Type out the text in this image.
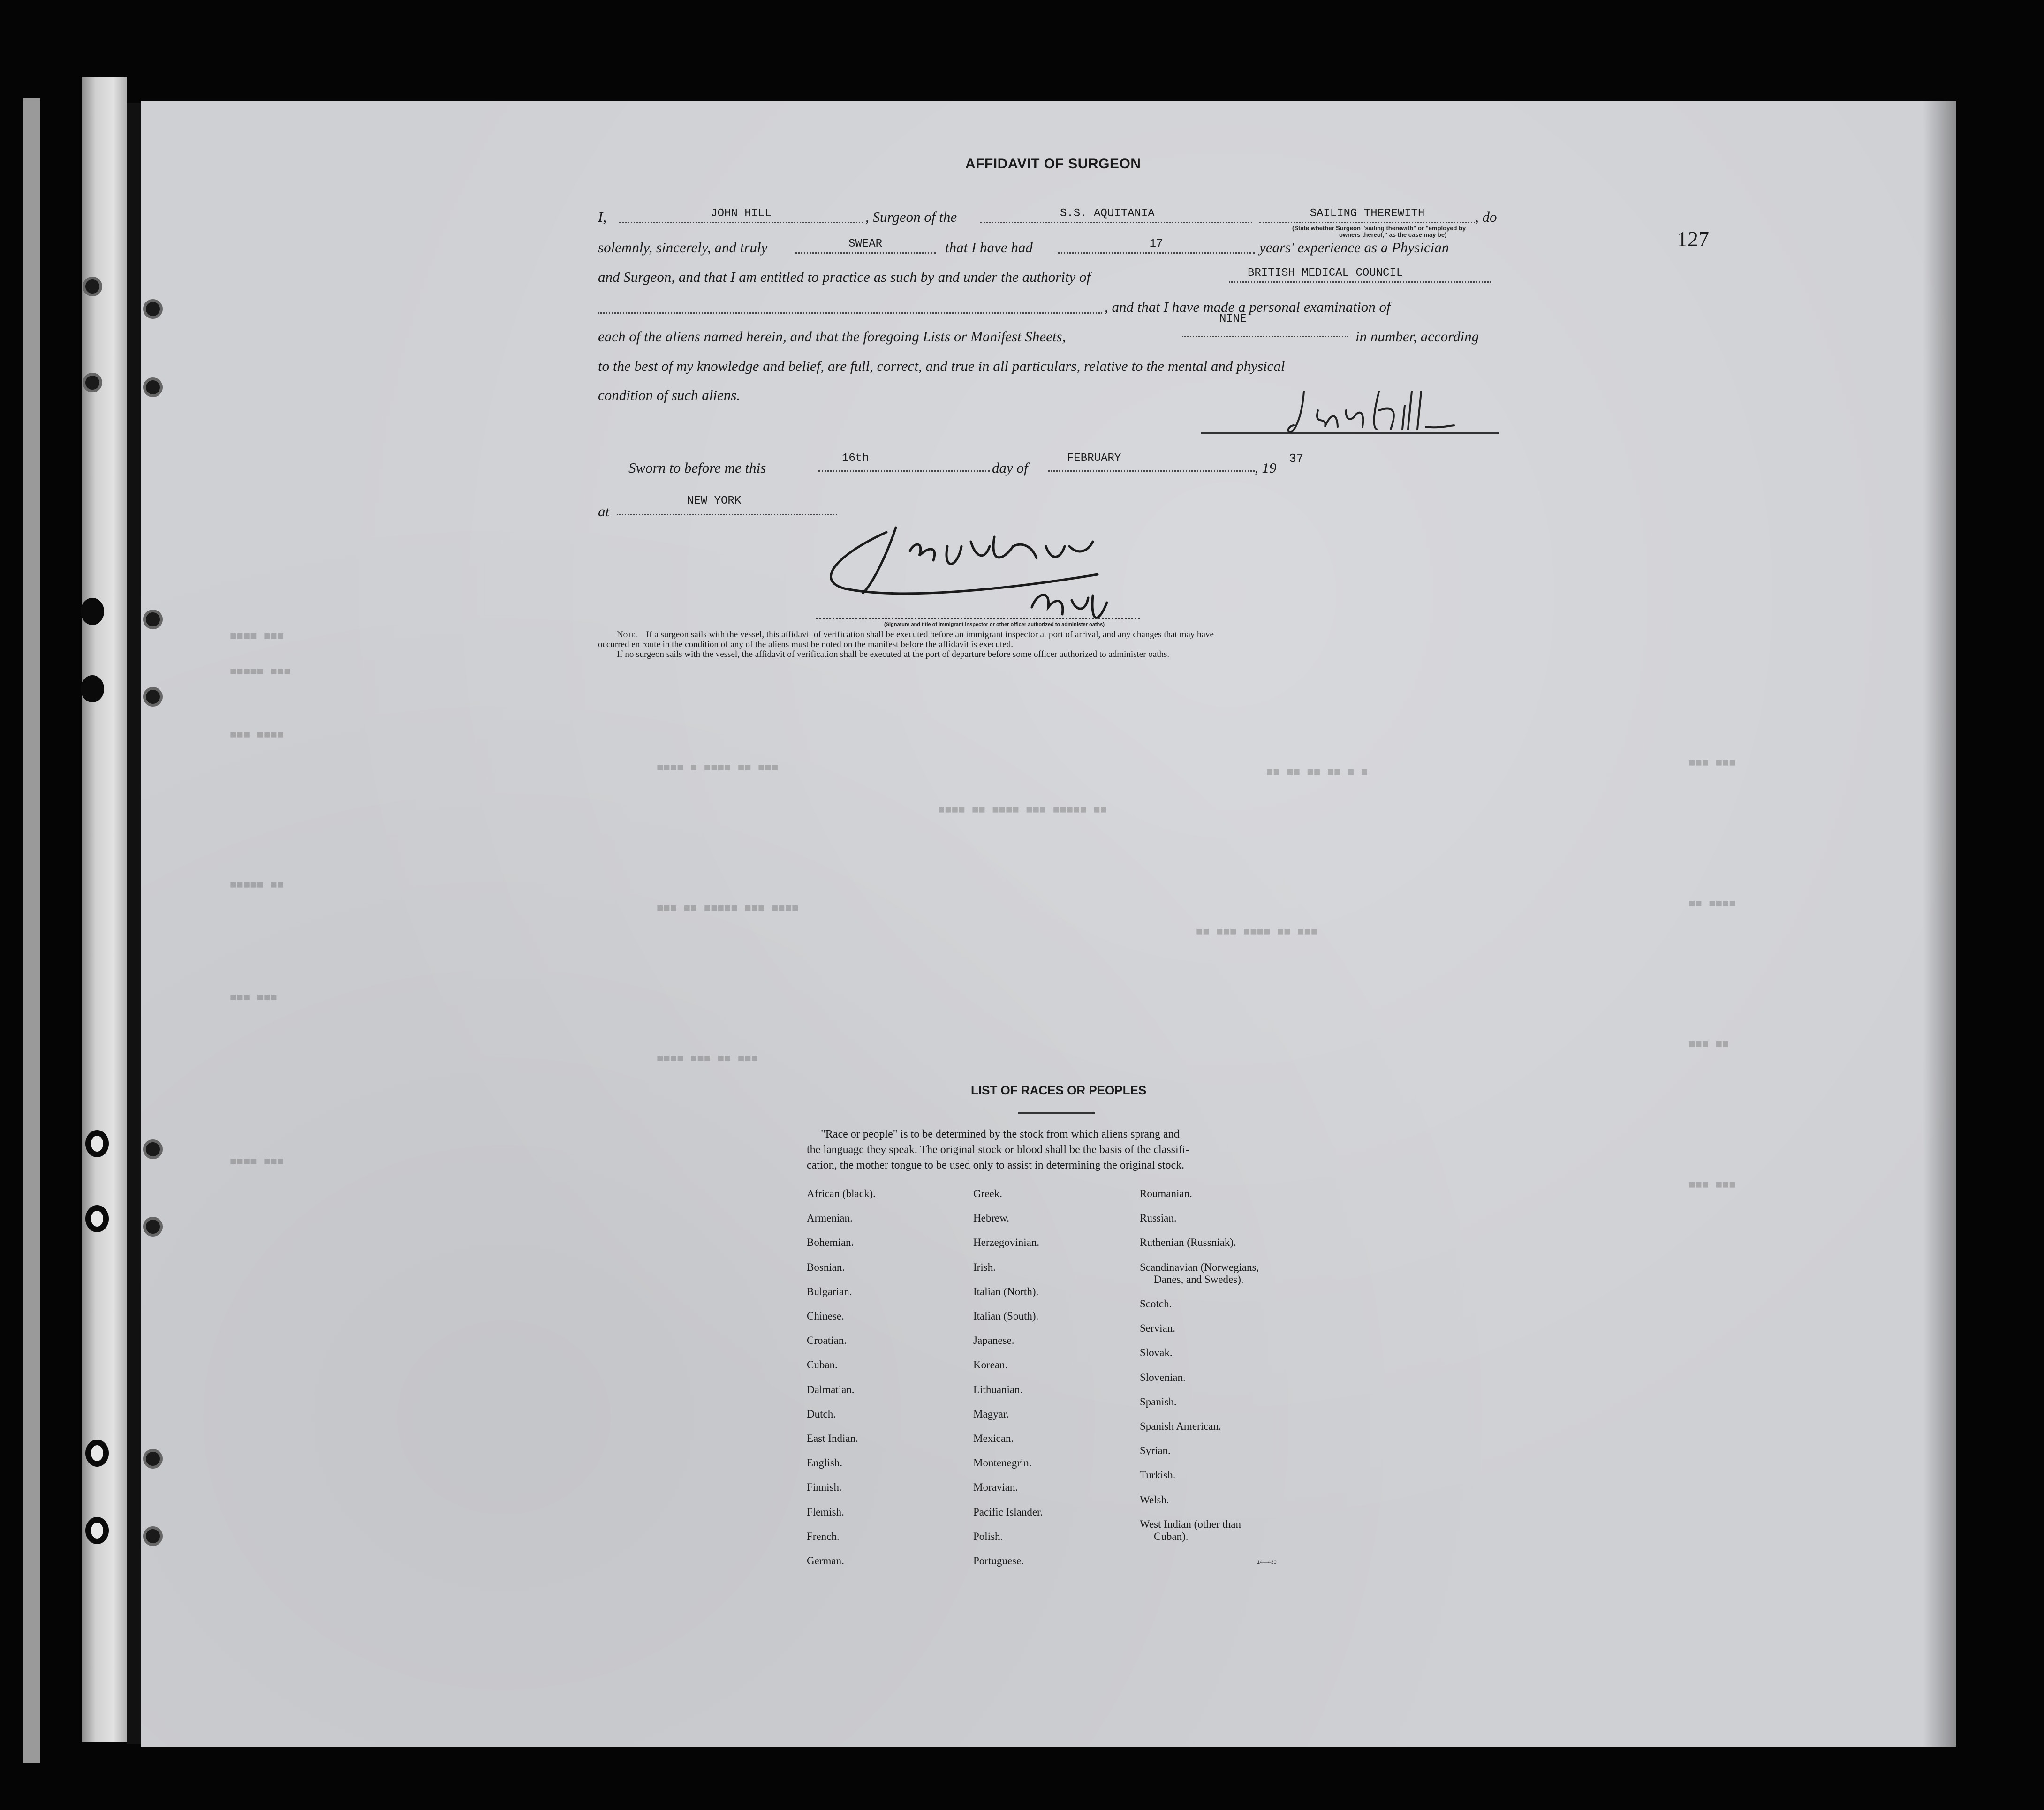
■■■■ ■■■
■■■■■ ■■■
■■■ ■■■■
■■■■■ ■■
■■■ ■■■
■■■■ ■■■
■■■■ ■ ■■■■ ■■ ■■■
■■■ ■■ ■■■■■ ■■■ ■■■■
■■■■ ■■■ ■■ ■■■
■■■■ ■■ ■■■■ ■■■ ■■■■■ ■■
■■ ■■■ ■■■■ ■■ ■■■
■■ ■■ ■■ ■■ ■ ■
■■■ ■■■
■■ ■■■■
■■■ ■■
■■■ ■■■
127
AFFIDAVIT OF SURGEON
I,	JOHN HILL	, Surgeon of the	S.S. AQUITANIA	SAILING THEREWITH	, do
(State whether Surgeon "sailing therewith" or "employed by
owners thereof," as the case may be)
solemnly, sincerely, and truly	SWEAR	that I have had	17	years' experience as a Physician
and Surgeon, and that I am entitled to practice as such by and under the authority of	BRITISH MEDICAL COUNCIL
, and that I have made a personal examination of
each of the aliens named herein, and that the foregoing Lists or Manifest Sheets,
NINE
in number, according
to the best of my knowledge and belief, are full, correct, and true in all particulars, relative to the mental and physical
condition of such aliens.
Sworn to before me this
16th
day of
FEBRUARY
, 19
37
at
NEW YORK
(Signature and title of immigrant inspector or other officer authorized to administer oaths)
Note.—If a surgeon sails with the vessel, this affidavit of verification shall be executed before an immigrant inspector at port of arrival, and any changes that may have
occurred en route in the condition of any of the aliens must be noted on the manifest before the affidavit is executed.
If no surgeon sails with the vessel, the affidavit of verification shall be executed at the port of departure before some officer authorized to administer oaths.
LIST OF RACES OR PEOPLES
"Race or people" is to be determined by the stock from which aliens sprang and
the language they speak. The original stock or blood shall be the basis of the classifi-
cation, the mother tongue to be used only to assist in determining the original stock.
African (black).
Armenian.
Bohemian.
Bosnian.
Bulgarian.
Chinese.
Croatian.
Cuban.
Dalmatian.
Dutch.
East Indian.
English.
Finnish.
Flemish.
French.
German.
Greek.
Hebrew.
Herzegovinian.
Irish.
Italian (North).
Italian (South).
Japanese.
Korean.
Lithuanian.
Magyar.
Mexican.
Montenegrin.
Moravian.
Pacific Islander.
Polish.
Portuguese.
Roumanian.
Russian.
Ruthenian (Russniak).
Scandinavian (Norwegians,
Danes, and Swedes).
Scotch.
Servian.
Slovak.
Slovenian.
Spanish.
Spanish American.
Syrian.
Turkish.
Welsh.
West Indian (other than
Cuban).
14—430
